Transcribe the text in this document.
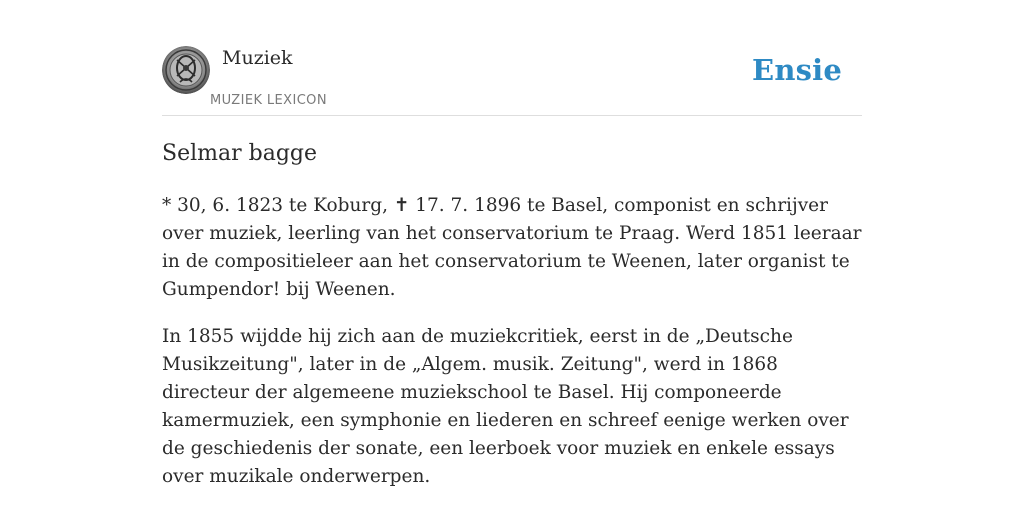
Muziek
MUZIEK LEXICON
Ensie
Selmar bagge

* 30, 6. 1823 te Koburg, ✝ 17. 7. 1896 te Basel, componist en schrijver over muziek, leerling van het conservatorium te Praag. Werd 1851 leeraar in de compositieleer aan het conservatorium te Weenen, later organist te Gumpendor! bij Weenen.

In 1855 wijdde hij zich aan de muziekcritiek, eerst in de „Deutsche Musikzeitung", later in de „Algem. musik. Zeitung", werd in 1868 directeur der algemeene muziekschool te Basel. Hij componeerde kamermuziek, een symphonie en liederen en schreef eenige werken over de geschiedenis der sonate, een leerboek voor muziek en enkele essays over muzikale onderwerpen.
